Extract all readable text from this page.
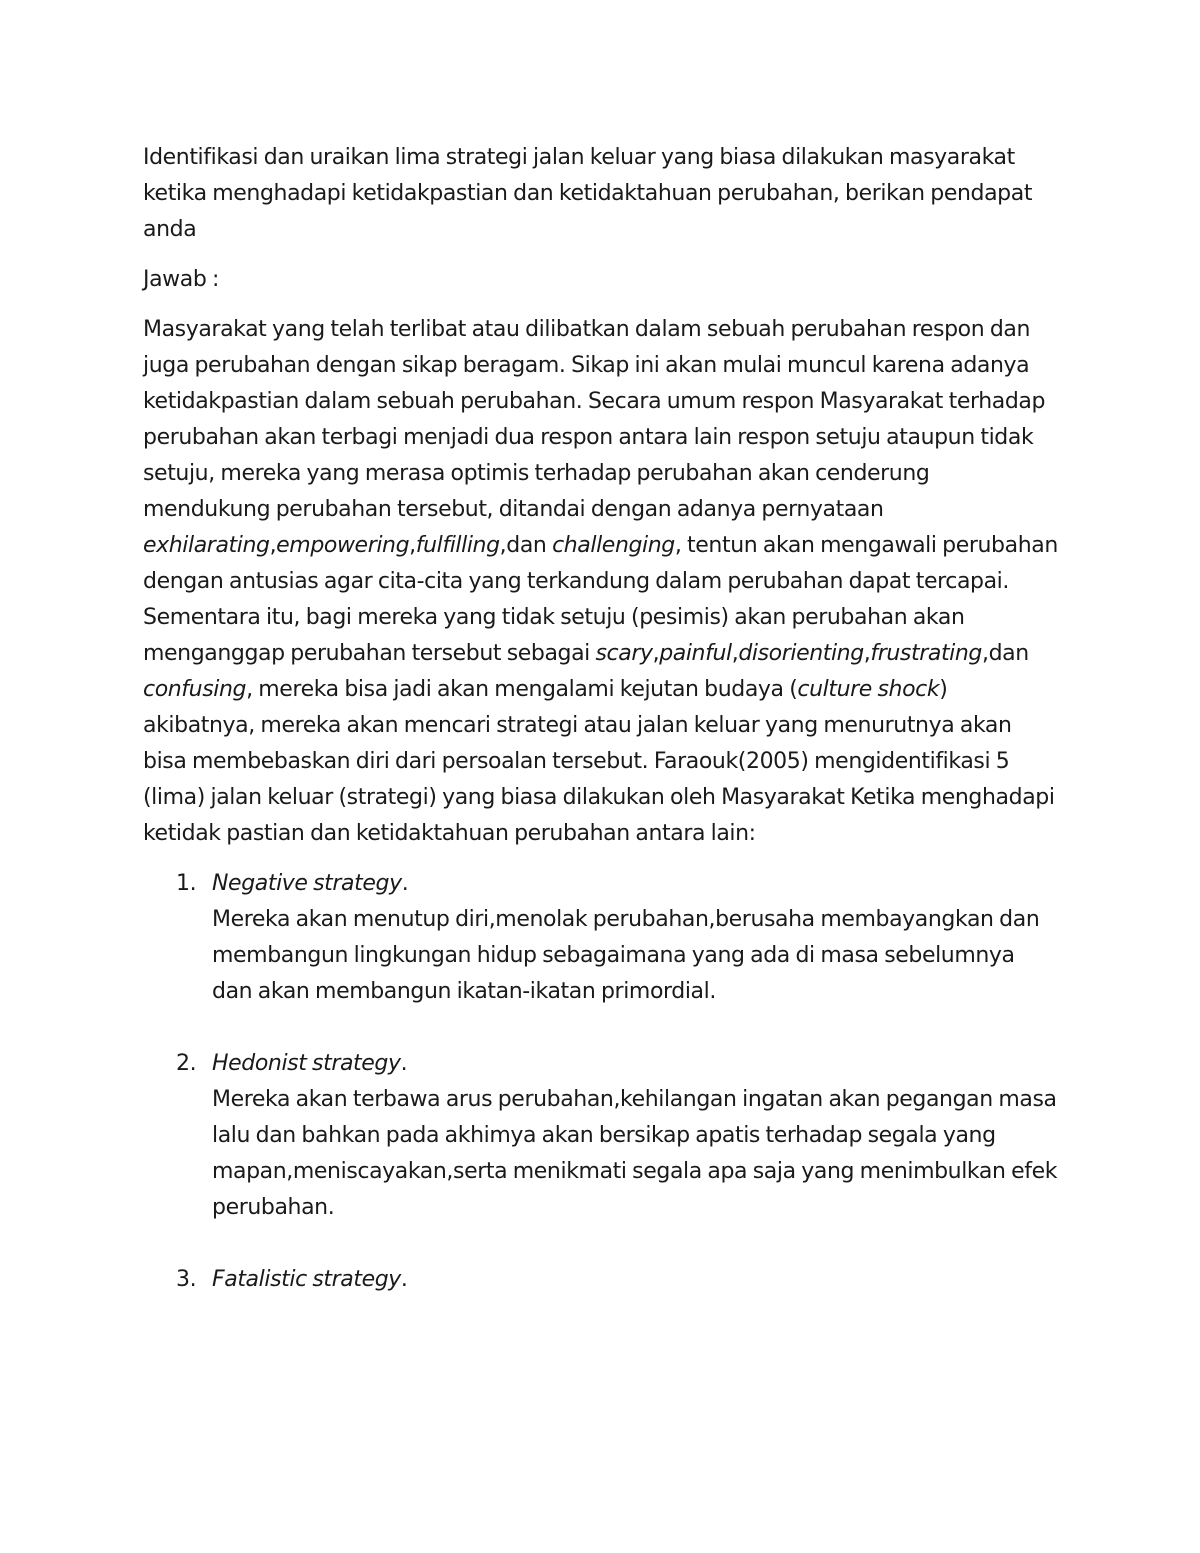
Identifikasi dan uraikan lima strategi jalan keluar yang biasa dilakukan masyarakat ketika menghadapi ketidakpastian dan ketidaktahuan perubahan, berikan pendapat anda

Jawab :

Masyarakat yang telah terlibat atau dilibatkan dalam sebuah perubahan respon dan juga perubahan dengan sikap beragam. Sikap ini akan mulai muncul karena adanya ketidakpastian dalam sebuah perubahan. Secara umum respon Masyarakat terhadap perubahan akan terbagi menjadi dua respon antara lain respon setuju ataupun tidak setuju, mereka yang merasa optimis terhadap perubahan akan cenderung mendukung perubahan tersebut, ditandai dengan adanya pernyataan exhilarating,empowering,fulfilling,dan challenging, tentun akan mengawali perubahan dengan antusias agar cita-cita yang terkandung dalam perubahan dapat tercapai. Sementara itu, bagi mereka yang tidak setuju (pesimis) akan perubahan akan menganggap perubahan tersebut sebagai scary,painful,disorienting,frustrating,dan confusing, mereka bisa jadi akan mengalami kejutan budaya (culture shock) akibatnya, mereka akan mencari strategi atau jalan keluar yang menurutnya akan bisa membebaskan diri dari persoalan tersebut. Faraouk(2005) mengidentifikasi 5 (lima) jalan keluar (strategi) yang biasa dilakukan oleh Masyarakat Ketika menghadapi ketidak pastian dan ketidaktahuan perubahan antara lain:

1. Negative strategy.
Mereka akan menutup diri,menolak perubahan,berusaha membayangkan dan membangun lingkungan hidup sebagaimana yang ada di masa sebelumnya dan akan membangun ikatan-ikatan primordial.
2. Hedonist strategy.
Mereka akan terbawa arus perubahan,kehilangan ingatan akan pegangan masa lalu dan bahkan pada akhimya akan bersikap apatis terhadap segala yang mapan,meniscayakan,serta menikmati segala apa saja yang menimbulkan efek perubahan.
3. Fatalistic strategy.
